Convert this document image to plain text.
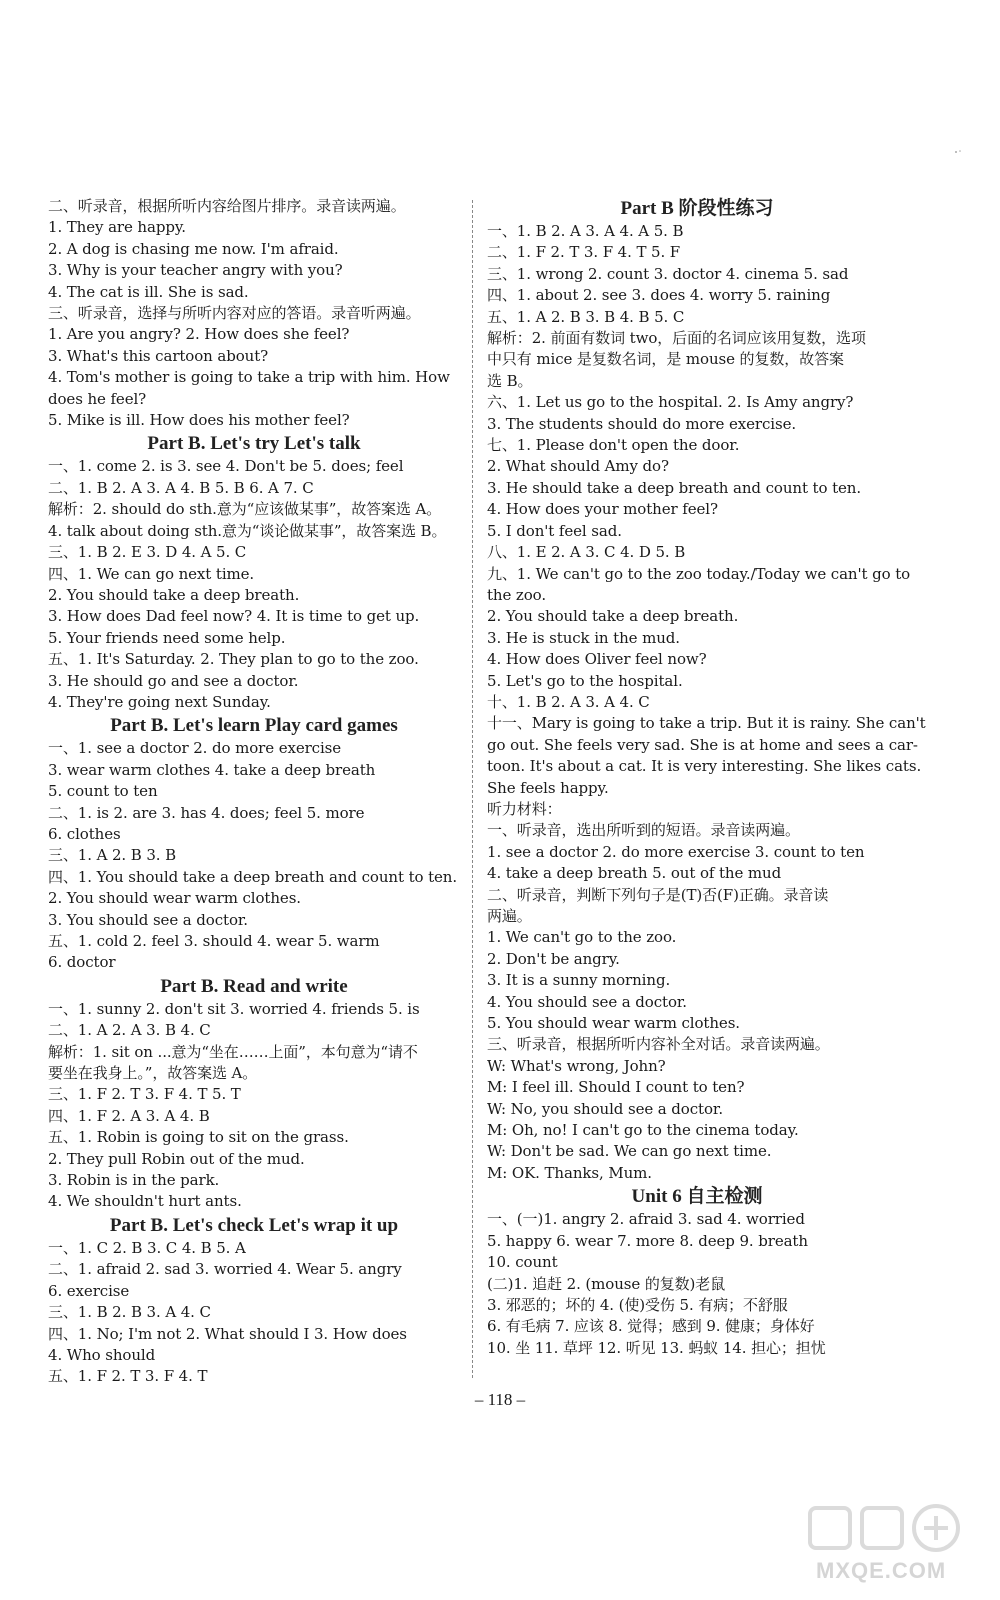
二、听录音，根据所听内容给图片排序。录音读两遍。
1. They are happy.
2. A dog is chasing me now. I'm afraid.
3. Why is your teacher angry with you?
4. The cat is ill. She is sad.
三、听录音，选择与所听内容对应的答语。录音听两遍。
1. Are you angry? 2. How does she feel?
3. What's this cartoon about?
4. Tom's mother is going to take a trip with him. How
does he feel?
5. Mike is ill. How does his mother feel?
Part B. Let's try Let's talk
一、1. come 2. is 3. see 4. Don't be 5. does; feel
二、1. B 2. A 3. A 4. B 5. B 6. A 7. C
解析：2. should do sth.意为“应该做某事”，故答案选 A。
4. talk about doing sth.意为“谈论做某事”，故答案选 B。
三、1. B 2. E 3. D 4. A 5. C
四、1. We can go next time.
2. You should take a deep breath.
3. How does Dad feel now? 4. It is time to get up.
5. Your friends need some help.
五、1. It's Saturday. 2. They plan to go to the zoo.
3. He should go and see a doctor.
4. They're going next Sunday.
Part B. Let's learn Play card games
一、1. see a doctor 2. do more exercise
3. wear warm clothes 4. take a deep breath
5. count to ten
二、1. is 2. are 3. has 4. does; feel 5. more
6. clothes
三、1. A 2. B 3. B
四、1. You should take a deep breath and count to ten.
2. You should wear warm clothes.
3. You should see a doctor.
五、1. cold 2. feel 3. should 4. wear 5. warm
6. doctor
Part B. Read and write
一、1. sunny 2. don't sit 3. worried 4. friends 5. is
二、1. A 2. A 3. B 4. C
解析：1. sit on ...意为“坐在……上面”，本句意为“请不
要坐在我身上。”，故答案选 A。
三、1. F 2. T 3. F 4. T 5. T
四、1. F 2. A 3. A 4. B
五、1. Robin is going to sit on the grass.
2. They pull Robin out of the mud.
3. Robin is in the park.
4. We shouldn't hurt ants.
Part B. Let's check Let's wrap it up
一、1. C 2. B 3. C 4. B 5. A
二、1. afraid 2. sad 3. worried 4. Wear 5. angry
6. exercise
三、1. B 2. B 3. A 4. C
四、1. No; I'm not 2. What should I 3. How does
4. Who should
五、1. F 2. T 3. F 4. T
Part B 阶段性练习
一、1. B 2. A 3. A 4. A 5. B
二、1. F 2. T 3. F 4. T 5. F
三、1. wrong 2. count 3. doctor 4. cinema 5. sad
四、1. about 2. see 3. does 4. worry 5. raining
五、1. A 2. B 3. B 4. B 5. C
解析：2. 前面有数词 two，后面的名词应该用复数，选项
中只有 mice 是复数名词，是 mouse 的复数，故答案
选 B。
六、1. Let us go to the hospital. 2. Is Amy angry?
3. The students should do more exercise.
七、1. Please don't open the door.
2. What should Amy do?
3. He should take a deep breath and count to ten.
4. How does your mother feel?
5. I don't feel sad.
八、1. E 2. A 3. C 4. D 5. B
九、1. We can't go to the zoo today./Today we can't go to
the zoo.
2. You should take a deep breath.
3. He is stuck in the mud.
4. How does Oliver feel now?
5. Let's go to the hospital.
十、1. B 2. A 3. A 4. C
十一、Mary is going to take a trip. But it is rainy. She can't
go out. She feels very sad. She is at home and sees a car-
toon. It's about a cat. It is very interesting. She likes cats.
She feels happy.
听力材料：
一、听录音，选出所听到的短语。录音读两遍。
1. see a doctor 2. do more exercise 3. count to ten
4. take a deep breath 5. out of the mud
二、听录音，判断下列句子是(T)否(F)正确。录音读
两遍。
1. We can't go to the zoo.
2. Don't be angry.
3. It is a sunny morning.
4. You should see a doctor.
5. You should wear warm clothes.
三、听录音，根据所听内容补全对话。录音读两遍。
W: What's wrong, John?
M: I feel ill. Should I count to ten?
W: No, you should see a doctor.
M: Oh, no! I can't go to the cinema today.
W: Don't be sad. We can go next time.
M: OK. Thanks, Mum.
Unit 6 自主检测
一、(一)1. angry 2. afraid 3. sad 4. worried
5. happy 6. wear 7. more 8. deep 9. breath
10. count
(二)1. 追赶 2. (mouse 的复数)老鼠
3. 邪恶的；坏的 4. (使)受伤 5. 有病；不舒服
6. 有毛病 7. 应该 8. 觉得；感到 9. 健康；身体好
10. 坐 11. 草坪 12. 听见 13. 蚂蚁 14. 担心；担忧
– 118 –
MXQE.COM
